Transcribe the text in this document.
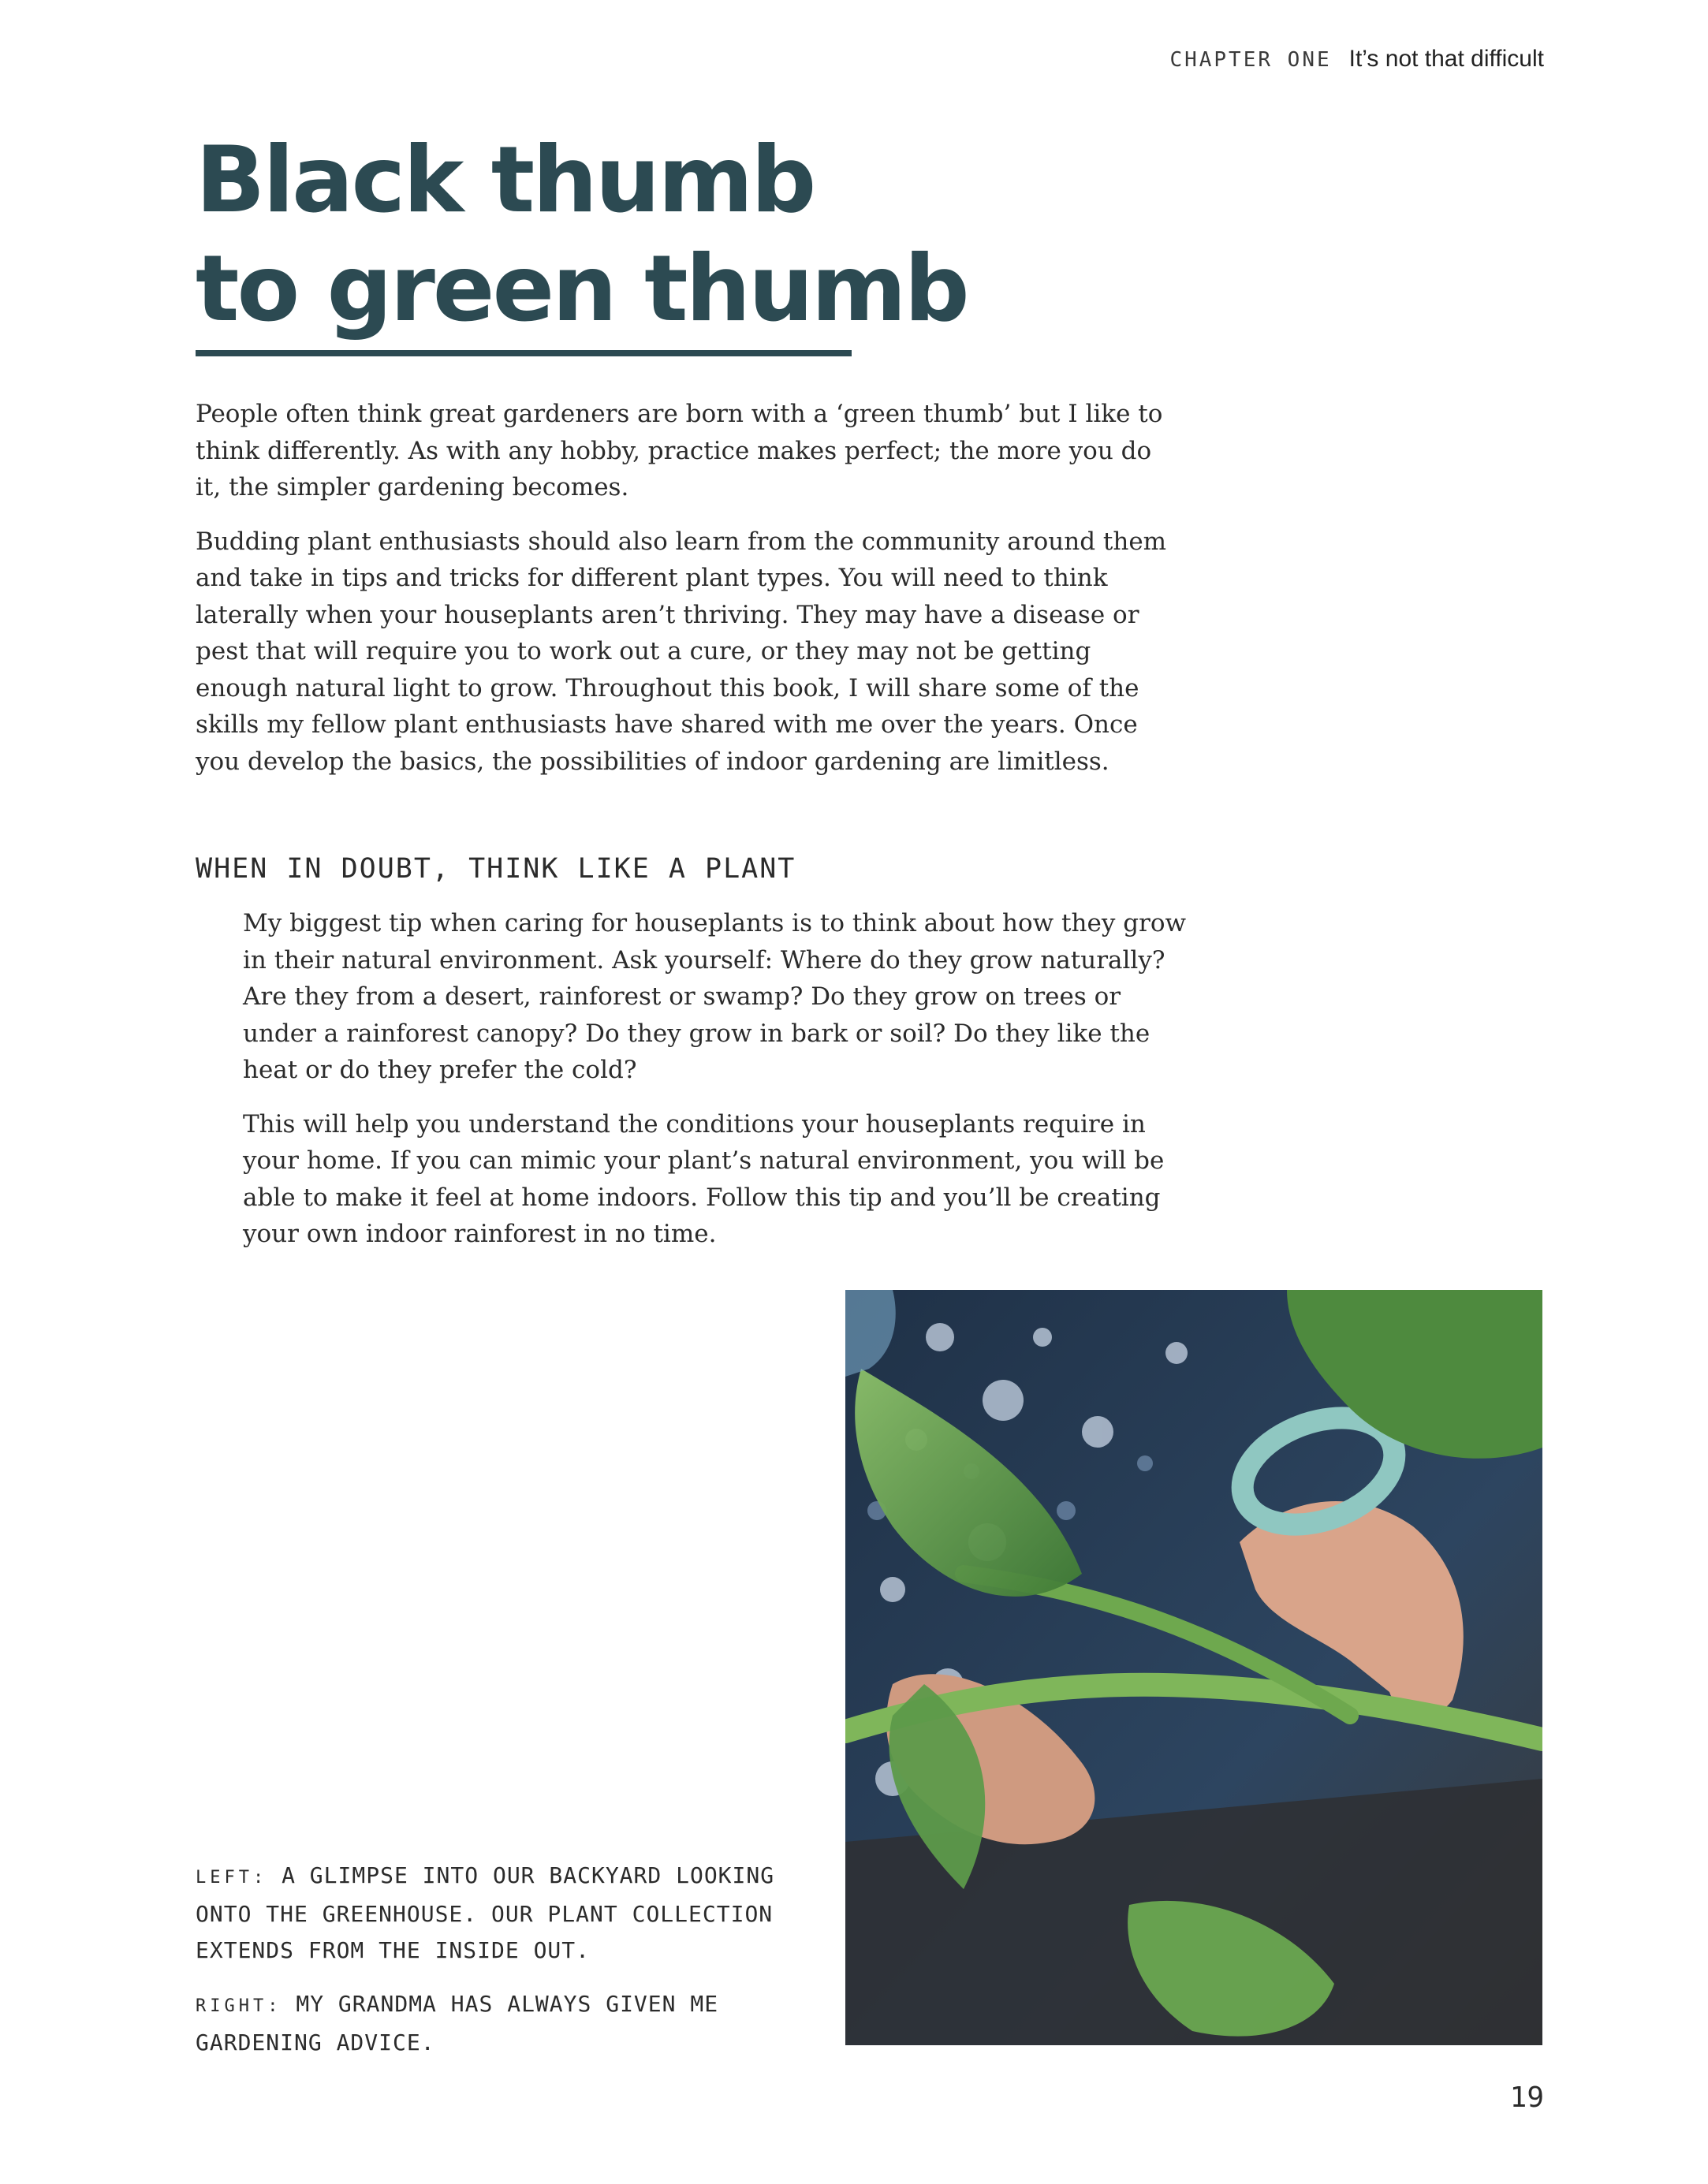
CHAPTER ONE It’s not that difficult
Black thumb
to green thumb

People often think great gardeners are born with a ‘green thumb’ but I like to think differently. As with any hobby, practice makes perfect; the more you do it, the simpler gardening becomes.

Budding plant enthusiasts should also learn from the community around them and take in tips and tricks for different plant types. You will need to think laterally when your houseplants aren’t thriving. They may have a disease or pest that will require you to work out a cure, or they may not be getting enough natural light to grow. Throughout this book, I will share some of the skills my fellow plant enthusiasts have shared with me over the years. Once you develop the basics, the possibilities of indoor gardening are limitless.

WHEN IN DOUBT, THINK LIKE A PLANT

My biggest tip when caring for houseplants is to think about how they grow in their natural environment. Ask yourself: Where do they grow naturally? Are they from a desert, rainforest or swamp? Do they grow on trees or under a rainforest canopy? Do they grow in bark or soil? Do they like the heat or do they prefer the cold?

This will help you understand the conditions your houseplants require in your home. If you can mimic your plant’s natural environment, you will be able to make it feel at home indoors. Follow this tip and you’ll be creating your own indoor rainforest in no time.

LEFT: A GLIMPSE INTO OUR BACKYARD LOOKING ONTO THE GREENHOUSE. OUR PLANT COLLECTION EXTENDS FROM THE INSIDE OUT.

RIGHT: MY GRANDMA HAS ALWAYS GIVEN ME GARDENING ADVICE.

19
